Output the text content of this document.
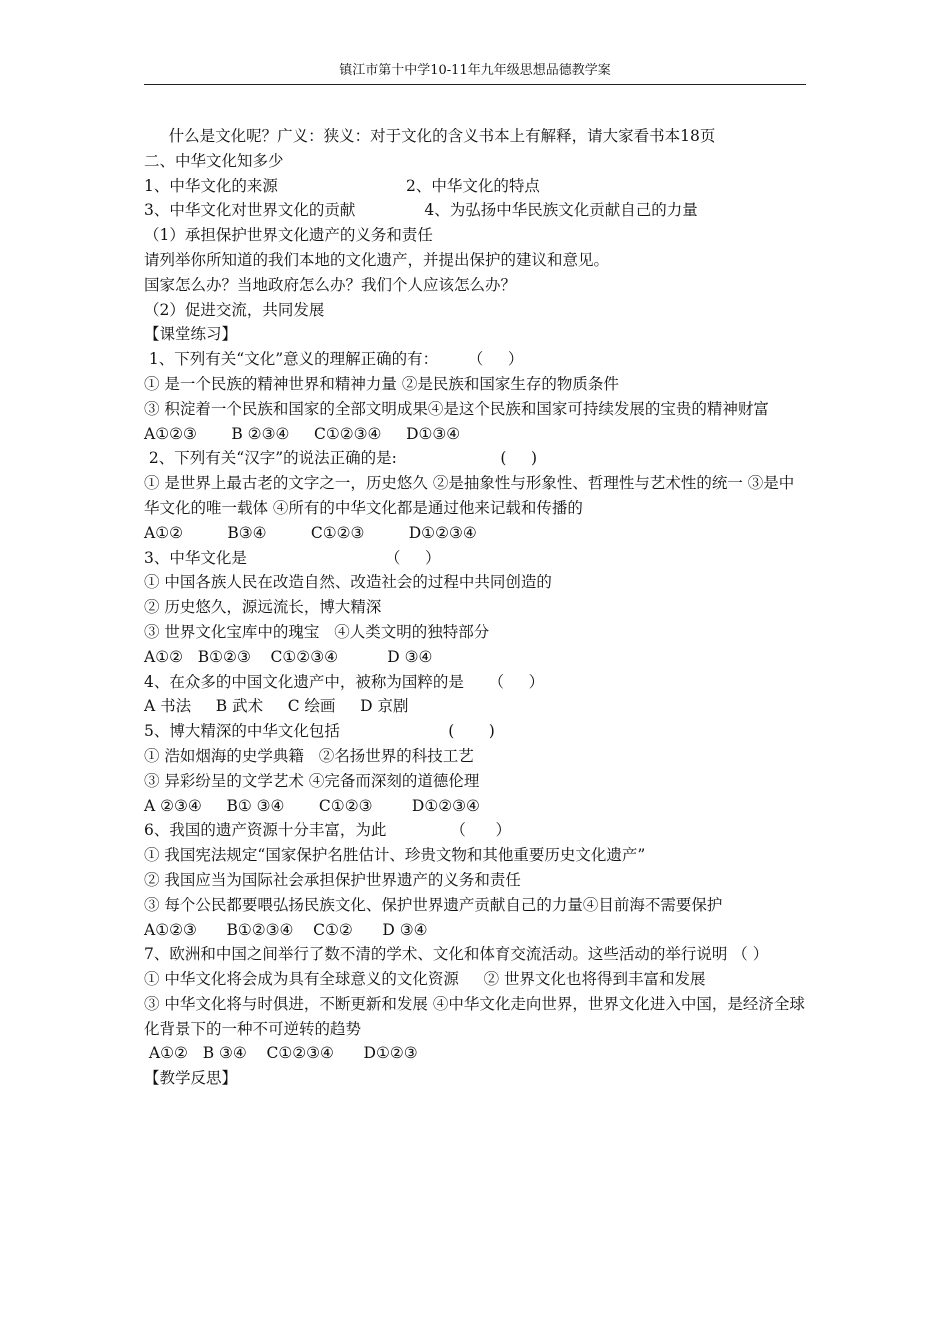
镇江市第十中学10-11年九年级思想品德教学案
什么是文化呢？广义：狭义：对于文化的含义书本上有解释，请大家看书本18页
二、中华文化知多少
1、中华文化的来源                          2、中华文化的特点
3、中华文化对世界文化的贡献              4、为弘扬中华民族文化贡献自己的力量
（1）承担保护世界文化遗产的义务和责任
请列举你所知道的我们本地的文化遗产，并提出保护的建议和意见。
国家怎么办？当地政府怎么办？我们个人应该怎么办？
（2）促进交流，共同发展
【课堂练习】
1、下列有关“文化”意义的理解正确的有：      （     ）
① 是一个民族的精神世界和精神力量 ②是民族和国家生存的物质条件
③ 积淀着一个民族和国家的全部文明成果④是这个民族和国家可持续发展的宝贵的精神财富
A①②③       B ②③④     C①②③④     D①③④
2、下列有关“汉字”的说法正确的是:                     (     )
① 是世界上最古老的文字之一，历史悠久 ②是抽象性与形象性、哲理性与艺术性的统一 ③是中华文化的唯一载体 ④所有的中华文化都是通过他来记载和传播的
A①②         B③④         C①②③         D①②③④
3、中华文化是                            （     ）
① 中国各族人民在改造自然、改造社会的过程中共同创造的
② 历史悠久，源远流长，博大精深
③ 世界文化宝库中的瑰宝   ④人类文明的独特部分
A①②   B①②③    C①②③④          D ③④
4、在众多的中国文化遗产中，被称为国粹的是     （     ）
A 书法     B 武术     C 绘画     D 京剧
5、博大精深的中华文化包括                      (       )
① 浩如烟海的史学典籍   ②名扬世界的科技工艺
③ 异彩纷呈的文学艺术 ④完备而深刻的道德伦理
A ②③④     B① ③④       C①②③        D①②③④
6、我国的遗产资源十分丰富，为此             （      ）
① 我国宪法规定“国家保护名胜估计、珍贵文物和其他重要历史文化遗产”
② 我国应当为国际社会承担保护世界遗产的义务和责任
③ 每个公民都要喂弘扬民族文化、保护世界遗产贡献自己的力量④目前海不需要保护
A①②③      B①②③④    C①②      D ③④
7、欧洲和中国之间举行了数不清的学术、文化和体育交流活动。这些活动的举行说明 （ ）
① 中华文化将会成为具有全球意义的文化资源     ② 世界文化也将得到丰富和发展
③ 中华文化将与时俱进，不断更新和发展 ④中华文化走向世界，世界文化进入中国，是经济全球化背景下的一种不可逆转的趋势
A①②   B ③④    C①②③④      D①②③
【教学反思】
